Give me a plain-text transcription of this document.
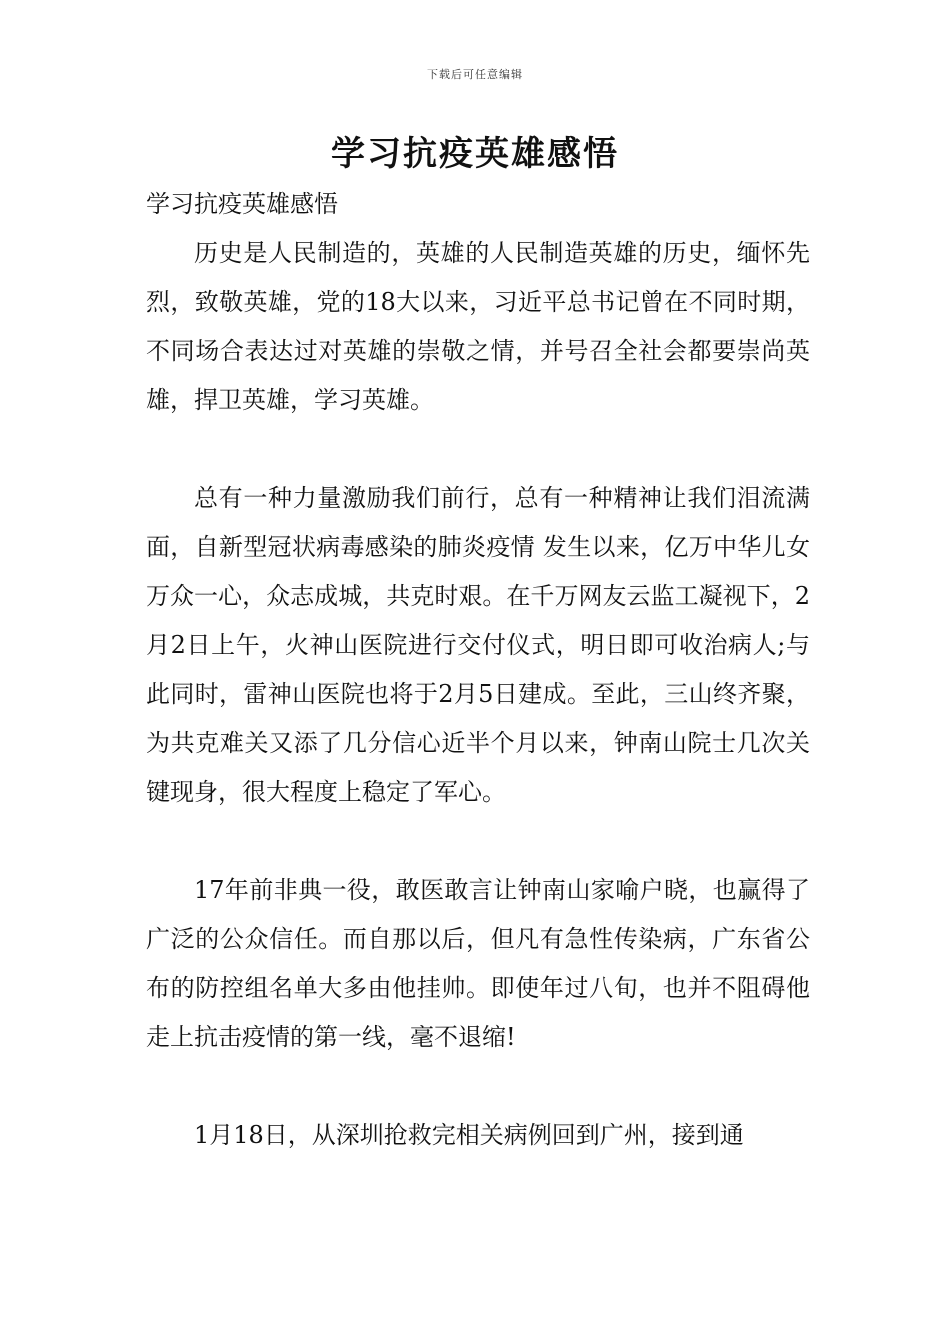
下载后可任意编辑
学习抗疫英雄感悟

学习抗疫英雄感悟

历史是人民制造的，英雄的人民制造英雄的历史，缅怀先烈，致敬英雄，党的18大以来，习近平总书记曾在不同时期，不同场合表达过对英雄的崇敬之情，并号召全社会都要崇尚英雄，捍卫英雄，学习英雄。

总有一种力量激励我们前行，总有一种精神让我们泪流满面，自新型冠状病毒感染的肺炎疫情 发生以来，亿万中华儿女万众一心，众志成城，共克时艰。在千万网友云监工凝视下，2月2日上午，火神山医院进行交付仪式，明日即可收治病人;与此同时，雷神山医院也将于2月5日建成。至此，三山终齐聚，为共克难关又添了几分信心近半个月以来，钟南山院士几次关键现身，很大程度上稳定了军心。

17年前非典一役，敢医敢言让钟南山家喻户晓，也赢得了广泛的公众信任。而自那以后，但凡有急性传染病，广东省公布的防控组名单大多由他挂帅。即使年过八旬，也并不阻碍他走上抗击疫情的第一线，毫不退缩!

1月18日，从深圳抢救完相关病例回到广州，接到通
